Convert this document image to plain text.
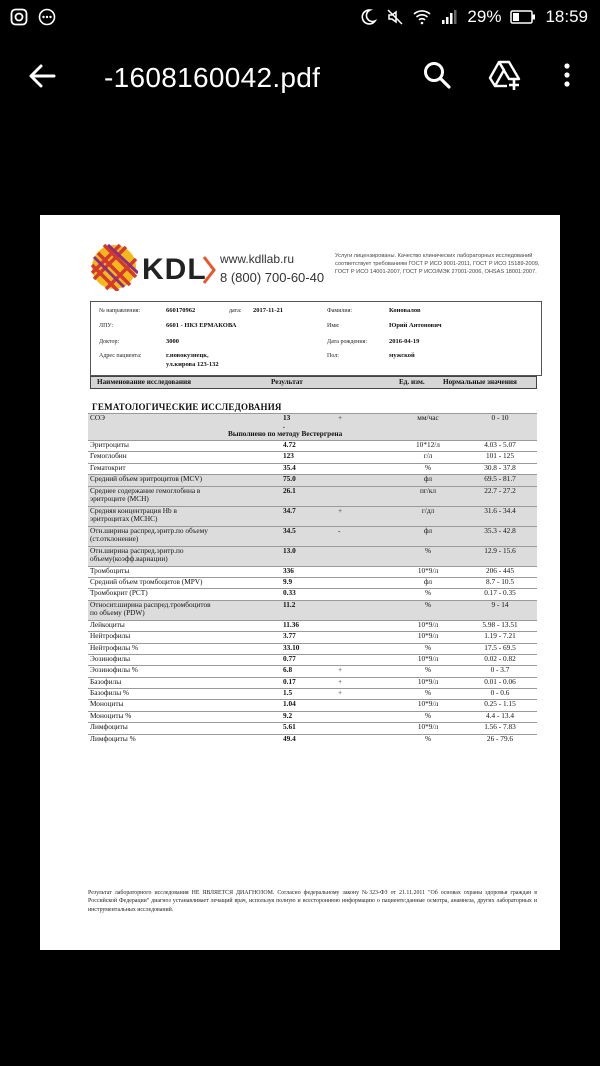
29%	18:59
-1608160042.pdf
KDL www.kdllab.ru
8 (800) 700-60-40
Услуги лицензированы. Качество клинических лабораторных исследований соответствует требованиям ГОСТ Р ИСО 9001-2011, ГОСТ Р ИСО 15189-2009, ГОСТ Р ИСО 14001-2007, ГОСТ Р ИСО/МЭК 27001-2006, OHSAS 18001:2007.
№ направления:	660170962	дата: 2017-11-21	Фамилия:	Коновалов
ЛПУ:	6601 - НКЗ ЕРМАКОВА	Имя:	Юрий Антонович
Доктор:	3000	Дата рождения:	2016-04-19
Адрес пациента:	г.новокузнецк,
ул.кирова 123-132
Пол:	мужской
Наименование исследования	Результат	Ед. изм.	Нормальные значения
ГЕМАТОЛОГИЧЕСКИЕ ИССЛЕДОВАНИЯ
СОЭ	13	+	мм/час	0 - 10
.
Выполнено по методу Вестергрена
Эритроциты	4.72	10*12/л	4.03 - 5.07
Гемоглобин	123	г/л	101 - 125
Гематокрит	35.4	%	30.8 - 37.8
Средний объем эритроцитов (MCV)	75.0	фл	69.5 - 81.7
Среднее содержание гемоглобина в
эритроците (MCH)
26.1	пг/кл	22.7 - 27.2
Средняя концентрация Hb в
эритроцитах (MCHC)
34.7	+	г/дл	31.6 - 34.4
Отн.ширина распред.эритр.по объему
(ст.отклонение)
34.5	-	фл	35.3 - 42.8
Отн.ширина распред.эритр.по
объему(коэфф.вариации)
13.0	%	12.9 - 15.6
Тромбоциты	336	10*9/л	206 - 445
Средний объем тромбоцитов (MPV)	9.9	фл	8.7 - 10.5
Тромбокрит (PCT)	0.33	%	0.17 - 0.35
Относит.ширина распред.тромбоцитов
по объему (PDW)
11.2	%	9 - 14
Лейкоциты	11.36	10*9/л	5.98 - 13.51
Нейтрофилы	3.77	10*9/л	1.19 - 7.21
Нейтрофилы %	33.10	%	17.5 - 69.5
Эозинофилы	0.77	10*9/л	0.02 - 0.82
Эозинофилы %	6.8	+	%	0 - 3.7
Базофилы	0.17	+	10*9/л	0.01 - 0.06
Базофилы %	1.5	+	%	0 - 0.6
Моноциты	1.04	10*9/л	0.25 - 1.15
Моноциты %	9.2	%	4.4 - 13.4
Лимфоциты	5.61	10*9/л	1.56 - 7.83
Лимфоциты %	49.4	%	26 - 79.6
Результат лабораторного исследования НЕ ЯВЛЯЕТСЯ ДИАГНОЗОМ. Согласно федеральному закону №323-ФЗ от 21.11.2011 "Об основах охраны здоровья граждан в Российской Федерации" диагноз устанавливает лечащий врач, используя полную и всестороннюю информацию о пациенте:данные осмотра, анамнеза, других лабораторных и инструментальных исследований.
